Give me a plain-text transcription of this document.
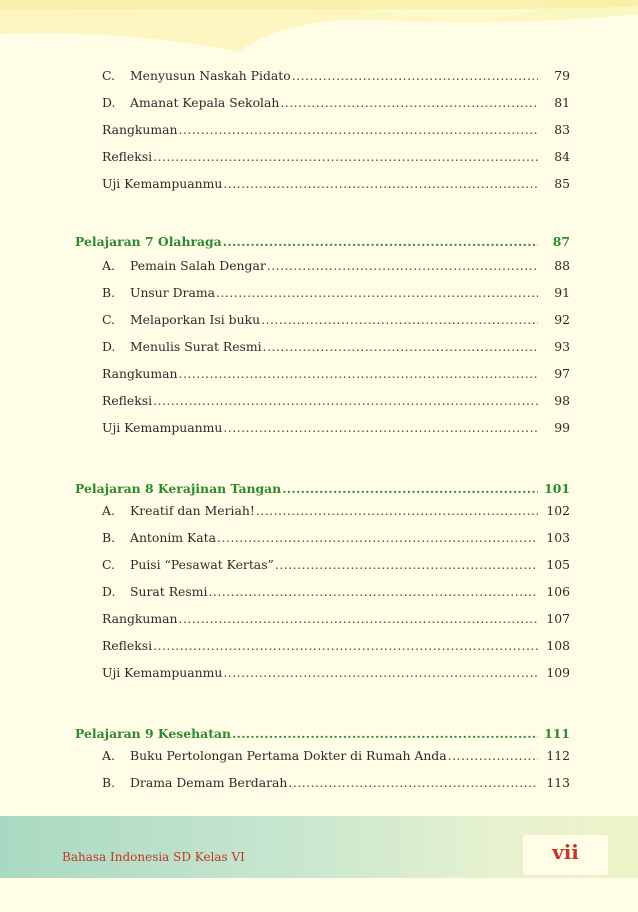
C.	Menyusun Naskah Pidato .....	79
D.	Amanat Kepala Sekolah .....	81
Rangkuman .....	83
Refleksi .....	84
Uji Kemampuanmu .....	85
Pelajaran 7 Olahraga .....	87
A.	Pemain Salah Dengar .....	88
B.	Unsur Drama .....	91
C.	Melaporkan Isi buku .....	92
D.	Menulis Surat Resmi .....	93
Rangkuman .....	97
Refleksi .....	98
Uji Kemampuanmu .....	99
Pelajaran 8 Kerajinan Tangan .....	101
A.	Kreatif dan Meriah! .....	102
B.	Antonim Kata .....	103
C.	Puisi “Pesawat Kertas” .....	105
D.	Surat Resmi .....	106
Rangkuman .....	107
Refleksi .....	108
Uji Kemampuanmu .....	109
Pelajaran 9 Kesehatan .....	111
A.	Buku Pertolongan Pertama Dokter di Rumah Anda .....	112
B.	Drama Demam Berdarah .....	113
Bahasa Indonesia SD Kelas VI	vii
